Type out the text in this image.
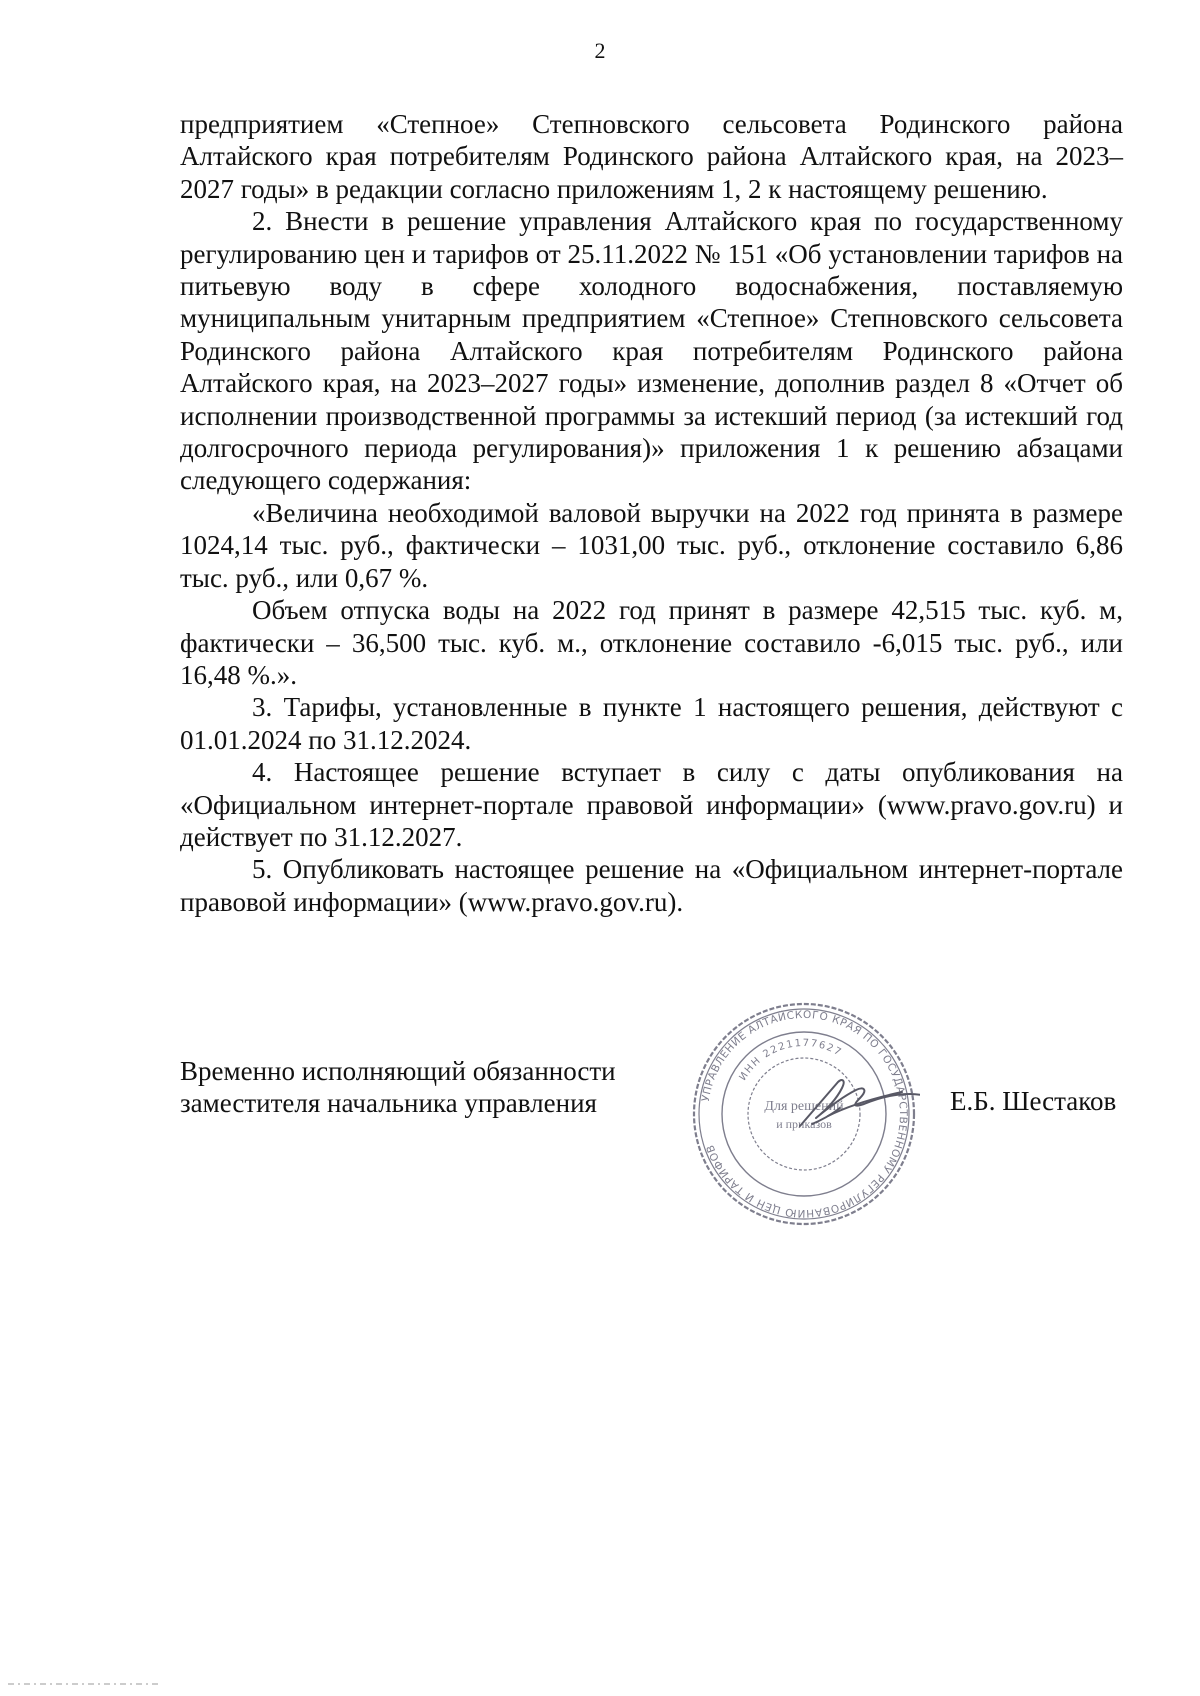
2

предприятием «Степное» Степновского сельсовета Родинского района Алтайского края потребителям Родинского района Алтайского края, на 2023–2027 годы» в редакции согласно приложениям 1, 2 к настоящему решению.

2. Внести в решение управления Алтайского края по государственному регулированию цен и тарифов от 25.11.2022 № 151 «Об установлении тарифов на питьевую воду в сфере холодного водоснабжения, поставляемую муниципальным унитарным предприятием «Степное» Степновского сельсовета Родинского района Алтайского края потребителям Родинского района Алтайского края, на 2023–2027 годы» изменение, дополнив раздел 8 «Отчет об исполнении производственной программы за истекший период (за истекший год долгосрочного периода регулирования)» приложения 1 к решению абзацами следующего содержания:

«Величина необходимой валовой выручки на 2022 год принята в размере 1024,14 тыс. руб., фактически – 1031,00 тыс. руб., отклонение составило 6,86 тыс. руб., или 0,67 %.

Объем отпуска воды на 2022 год принят в размере 42,515 тыс. куб. м, фактически – 36,500 тыс. куб. м., отклонение составило -6,015 тыс. руб., или 16,48 %.».

3. Тарифы, установленные в пункте 1 настоящего решения, действуют с 01.01.2024 по 31.12.2024.

4. Настоящее решение вступает в силу с даты опубликования на «Официальном интернет-портале правовой информации» (www.pravo.gov.ru) и действует по 31.12.2027.

5. Опубликовать настоящее решение на «Официальном интернет-портале правовой информации» (www.pravo.gov.ru).

Временно исполняющий обязанности
заместителя начальника управления	УПРАВЛЕНИЕ АЛТАЙСКОГО КРАЯ ПО ГОСУДАРСТВЕННОМУ РЕГУЛИРОВАНИЮ ЦЕН И ТАРИФОВ
ИНН 2221177627
Для решений
и приказов
Е.Б. Шестаков
